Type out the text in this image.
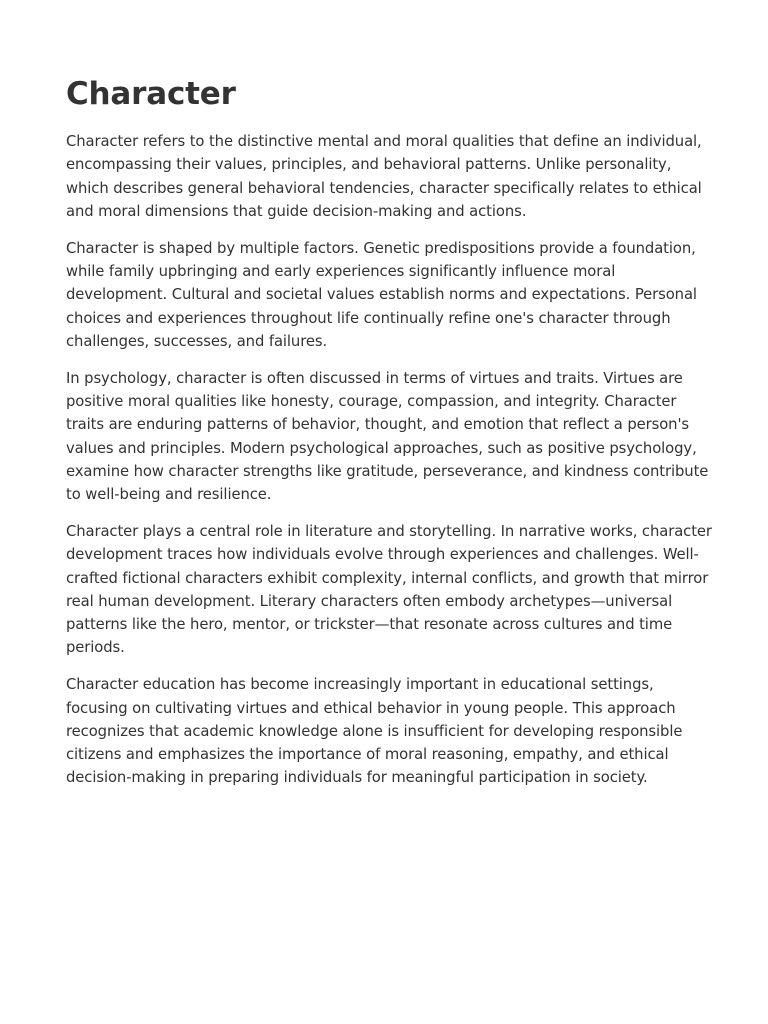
Character

Character refers to the distinctive mental and moral qualities that define an individual, encompassing their values, principles, and behavioral patterns. Unlike personality, which describes general behavioral tendencies, character specifically relates to ethical and moral dimensions that guide decision-making and actions.

Character is shaped by multiple factors. Genetic predispositions provide a foundation, while family upbringing and early experiences significantly influence moral development. Cultural and societal values establish norms and expectations. Personal choices and experiences throughout life continually refine one's character through challenges, successes, and failures.

In psychology, character is often discussed in terms of virtues and traits. Virtues are positive moral qualities like honesty, courage, compassion, and integrity. Character traits are enduring patterns of behavior, thought, and emotion that reflect a person's values and principles. Modern psychological approaches, such as positive psychology, examine how character strengths like gratitude, perseverance, and kindness contribute to well-being and resilience.

Character plays a central role in literature and storytelling. In narrative works, character development traces how individuals evolve through experiences and challenges. Well-crafted fictional characters exhibit complexity, internal conflicts, and growth that mirror real human development. Literary characters often embody archetypes—universal patterns like the hero, mentor, or trickster—that resonate across cultures and time periods.

Character education has become increasingly important in educational settings, focusing on cultivating virtues and ethical behavior in young people. This approach recognizes that academic knowledge alone is insufficient for developing responsible citizens and emphasizes the importance of moral reasoning, empathy, and ethical decision-making in preparing individuals for meaningful participation in society.
